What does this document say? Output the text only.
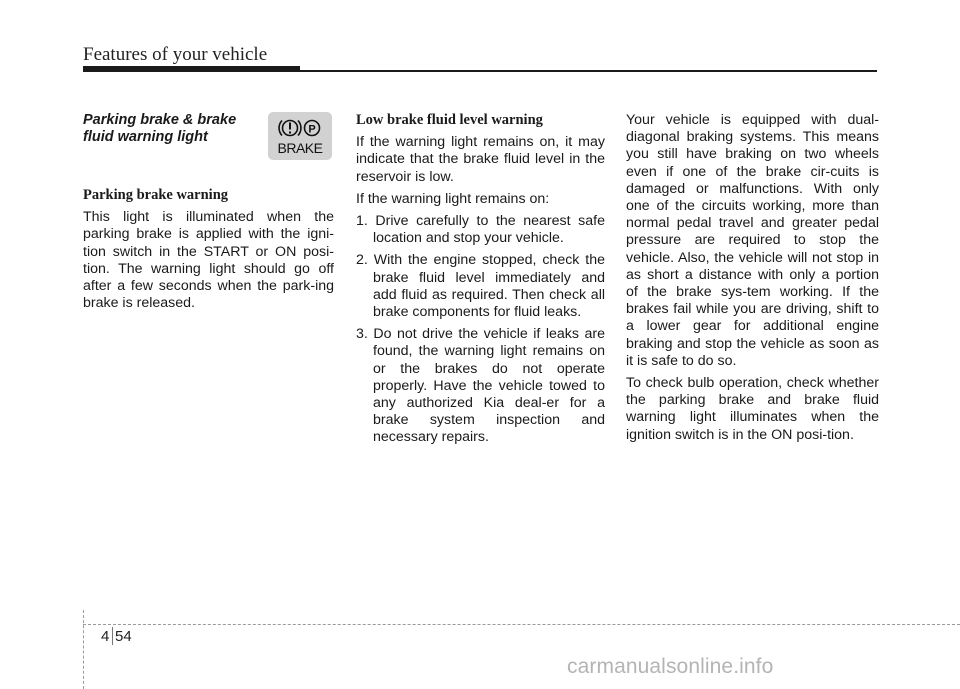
Features of your vehicle
P
BRAKE
Parking brake & brake fluid warning light
Parking brake warning

This light is illuminated when the parking brake is applied with the igni-tion switch in the START or ON posi-tion. The warning light should go off after a few seconds when the park-ing brake is released.

Low brake fluid level warning

If the warning light remains on, it may indicate that the brake fluid level in the reservoir is low.

If the warning light remains on:

1. Drive carefully to the nearest safe location and stop your vehicle.
2. With the engine stopped, check the brake fluid level immediately and add fluid as required. Then check all brake components for fluid leaks.
3. Do not drive the vehicle if leaks are found, the warning light remains on or the brakes do not operate properly. Have the vehicle towed to any authorized Kia deal-er for a brake system inspection and necessary repairs.

Your vehicle is equipped with dual-diagonal braking systems. This means you still have braking on two wheels even if one of the brake cir-cuits is damaged or malfunctions. With only one of the circuits working, more than normal pedal travel and greater pedal pressure are required to stop the vehicle. Also, the vehicle will not stop in as short a distance with only a portion of the brake sys-tem working. If the brakes fail while you are driving, shift to a lower gear for additional engine braking and stop the vehicle as soon as it is safe to do so.

To check bulb operation, check whether the parking brake and brake fluid warning light illuminates when the ignition switch is in the ON posi-tion.

4 54
carmanualsonline.info
